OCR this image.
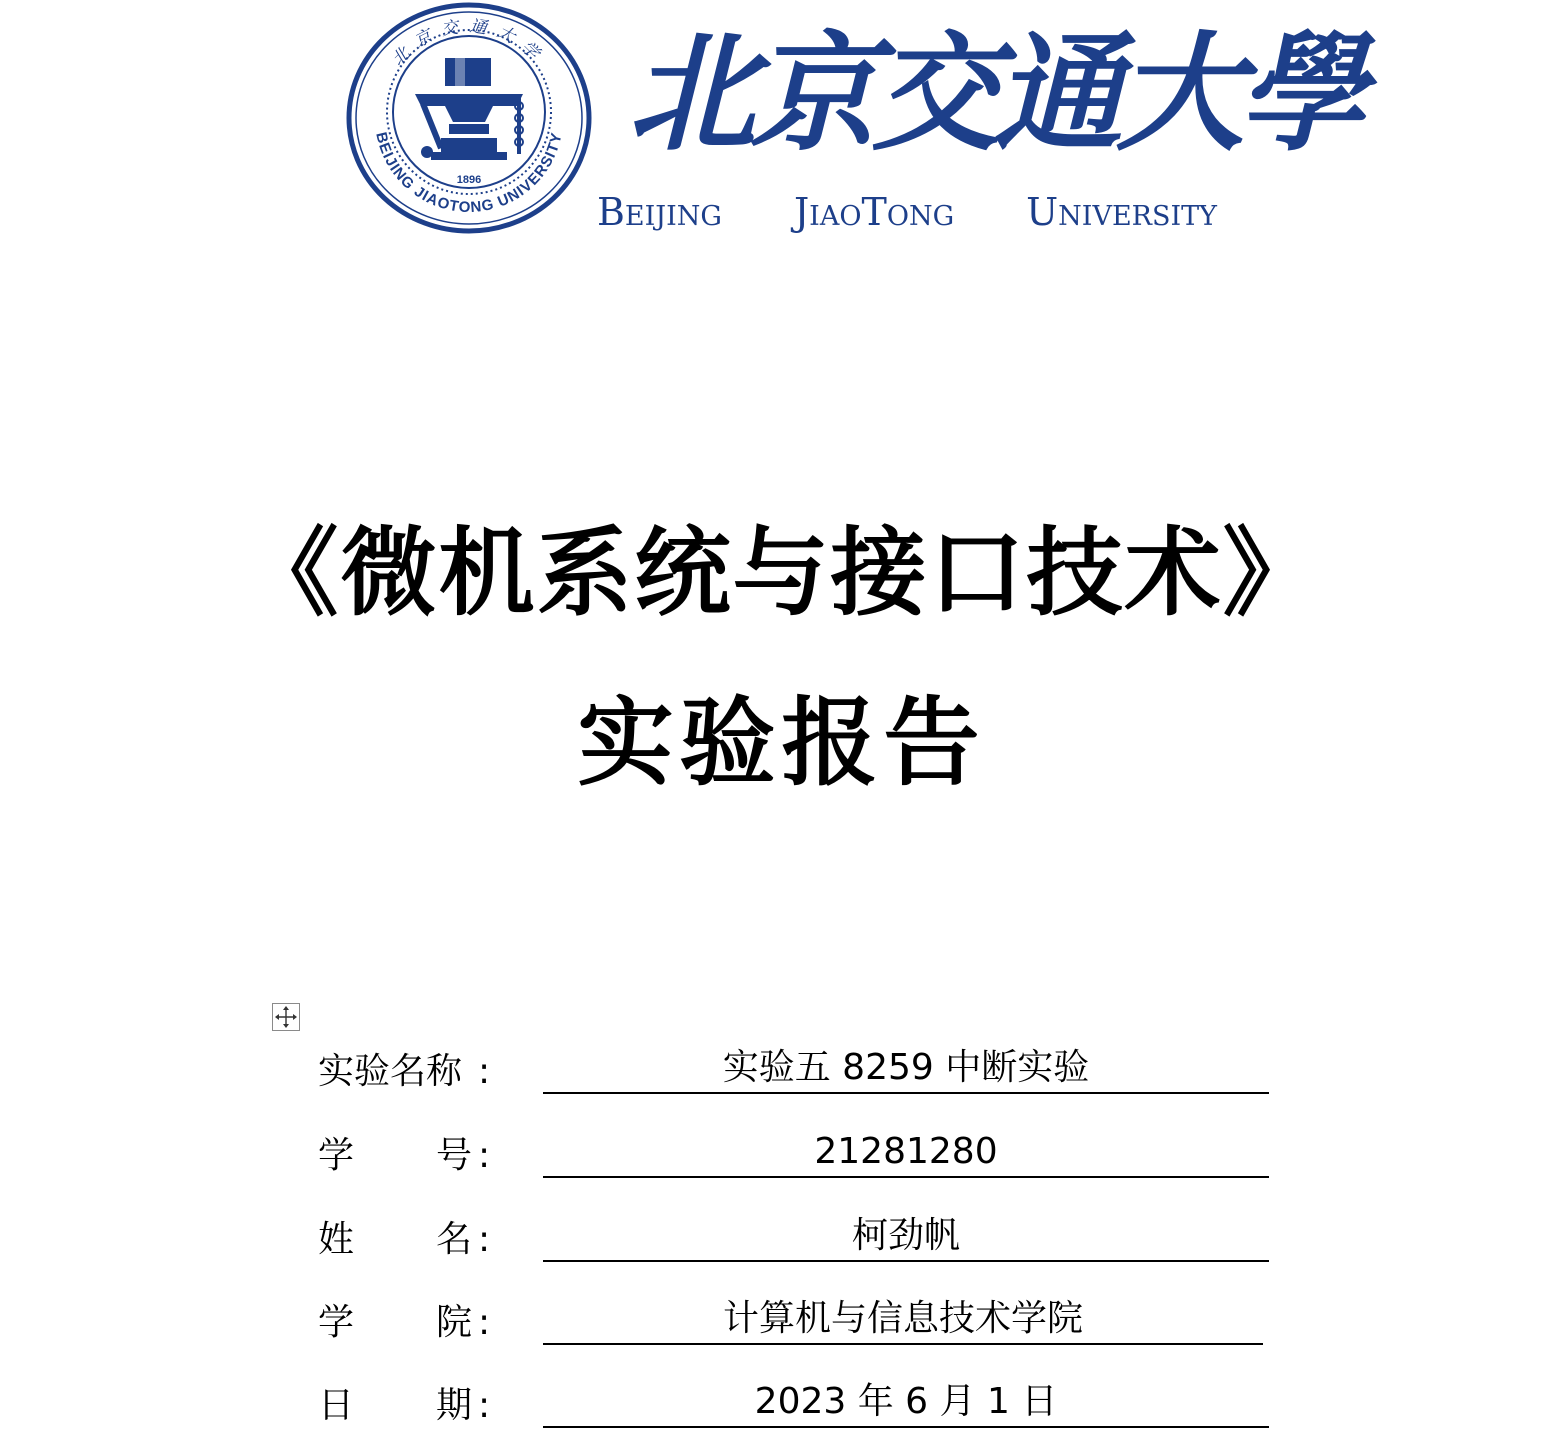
BEIJING JIAOTONG UNIVERSITY
北京交通大学
1896
北京交通大學
Beijing JiaoTong University
《微机系统与接口技术》
实验报告
实验名称 :	实验五 8259 中断实验
学 号 :	21281280
姓 名 :	柯劲帆
学 院 :	计算机与信息技术学院
日 期 :	2023 年 6 月 1 日
